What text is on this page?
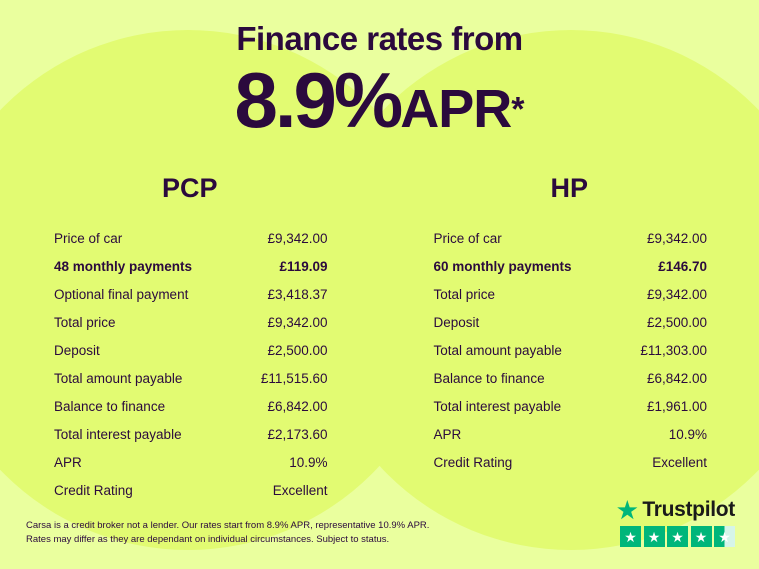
Finance rates from
8.9%APR*
PCP
Price of car	£9,342.00
48 monthly payments	£119.09
Optional final payment	£3,418.37
Total price	£9,342.00
Deposit	£2,500.00
Total amount payable	£11,515.60
Balance to finance	£6,842.00
Total interest payable	£2,173.60
APR	10.9%
Credit Rating	Excellent
HP
Price of car	£9,342.00
60 monthly payments	£146.70
Total price	£9,342.00
Deposit	£2,500.00
Total amount payable	£11,303.00
Balance to finance	£6,842.00
Total interest payable	£1,961.00
APR	10.9%
Credit Rating	Excellent
Carsa is a credit broker not a lender. Our rates start from 8.9% APR, representative 10.9% APR. Rates may differ as they are dependant on individual circumstances. Subject to status.
★ Trustpilot
★ ★ ★ ★ ★
